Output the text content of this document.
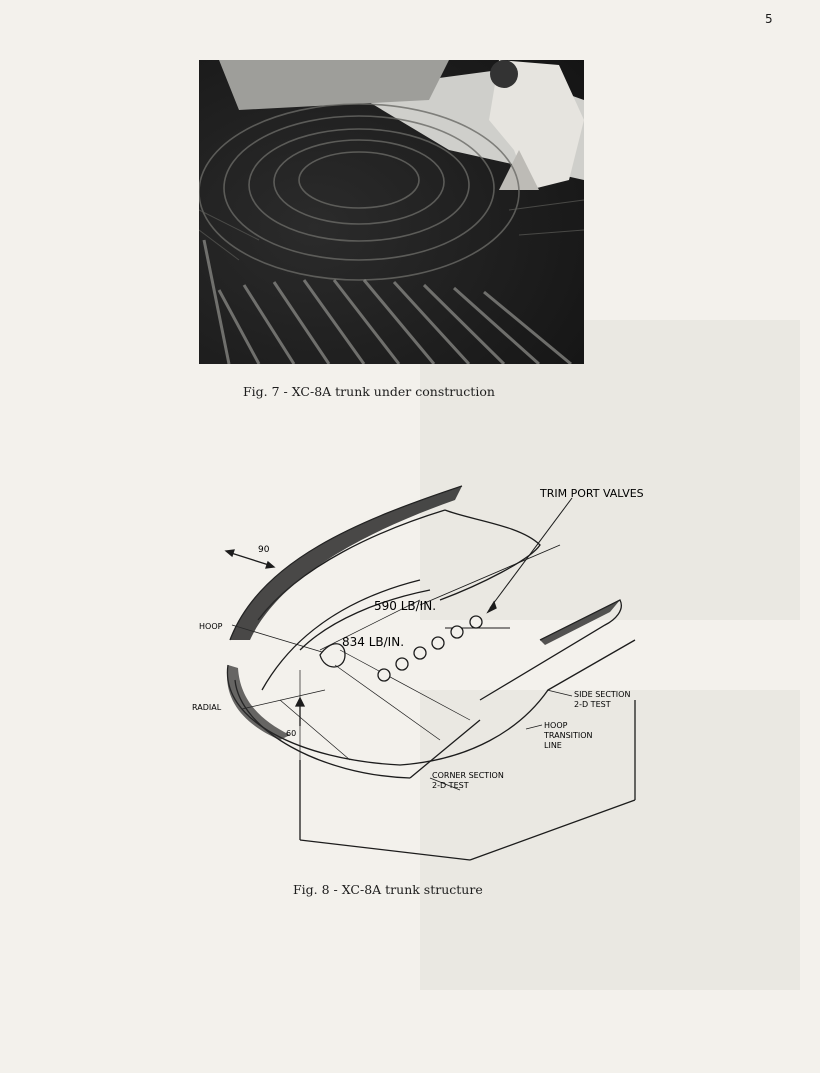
5
Fig. 7 - XC-8A trunk under construction
TRIM PORT VALVES
90
590 LB/IN.
834 LB/IN.
HOOP
RADIAL
60
SIDE SECTION
2-D TEST
HOOP
TRANSITION
LINE
CORNER SECTION
2-D TEST
Fig. 8 - XC-8A trunk structure
